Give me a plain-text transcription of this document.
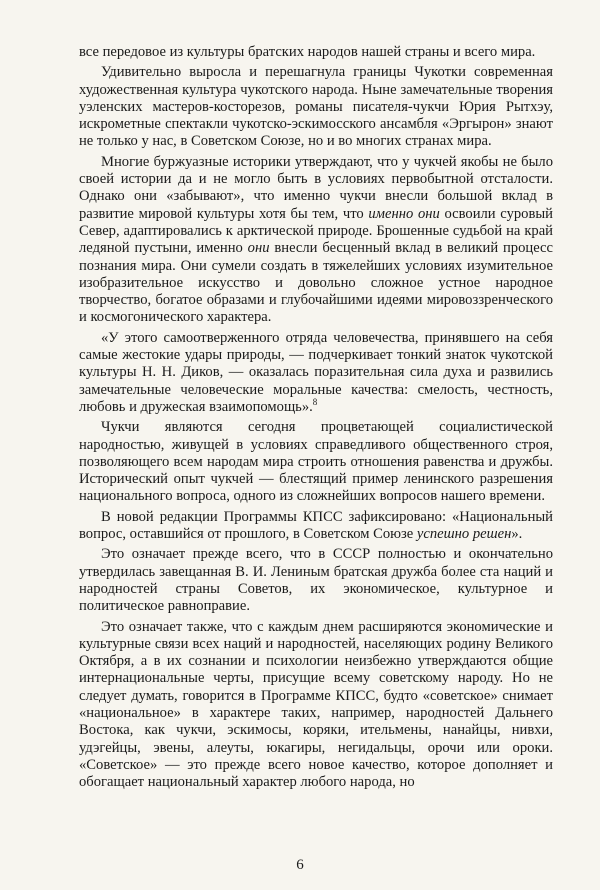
все передовое из культуры братских народов нашей страны и всего мира.

Удивительно выросла и перешагнула границы Чукотки современная художественная культура чукотского народа. Ныне замечательные творения уэленских мастеров-косторезов, романы писателя-чукчи Юрия Рытхэу, искрометные спектакли чукотско-эскимосского ансамбля «Эргырон» знают не только у нас, в Советском Союзе, но и во многих странах мира.

Многие буржуазные историки утверждают, что у чукчей якобы не было своей истории да и не могло быть в условиях первобытной отсталости. Однако они «забывают», что именно чукчи внесли большой вклад в развитие мировой культуры хотя бы тем, что именно они освоили суровый Север, адаптировались к арктической природе. Брошенные судьбой на край ледяной пустыни, именно они внесли бесценный вклад в великий процесс познания мира. Они сумели создать в тяжелейших условиях изумительное изобразительное искусство и довольно сложное устное народное творчество, богатое образами и глубочайшими идеями мировоззренческого и космогонического характера.

«У этого самоотверженного отряда человечества, принявшего на себя самые жестокие удары природы, — подчеркивает тонкий знаток чукотской культуры Н. Н. Диков, — оказалась поразительная сила духа и развились замечательные человеческие моральные качества: смелость, честность, любовь и дружеская взаимопомощь».$^8$

Чукчи являются сегодня процветающей социалистической народностью, живущей в условиях справедливого общественного строя, позволяющего всем народам мира строить отношения равенства и дружбы. Исторический опыт чукчей — блестящий пример ленинского разрешения национального вопроса, одного из сложнейших вопросов нашего времени.

В новой редакции Программы КПСС зафиксировано: «Национальный вопрос, оставшийся от прошлого, в Советском Союзе успешно решен».

Это означает прежде всего, что в СССР полностью и окончательно утвердилась завещанная В. И. Лениным братская дружба более ста наций и народностей страны Советов, их экономическое, культурное и политическое равноправие.

Это означает также, что с каждым днем расширяются экономические и культурные связи всех наций и народностей, населяющих родину Великого Октября, а в их сознании и психологии неизбежно утверждаются общие интернациональные черты, присущие всему советскому народу. Но не следует думать, говорится в Программе КПСС, будто «советское» снимает «национальное» в характере таких, например, народностей Дальнего Востока, как чукчи, эскимосы, коряки, ительмены, нанайцы, нивхи, удэгейцы, эвены, алеуты, юкагиры, негидальцы, орочи или ороки. «Советское» — это прежде всего новое качество, которое дополняет и обогащает национальный характер любого народа, но

6
